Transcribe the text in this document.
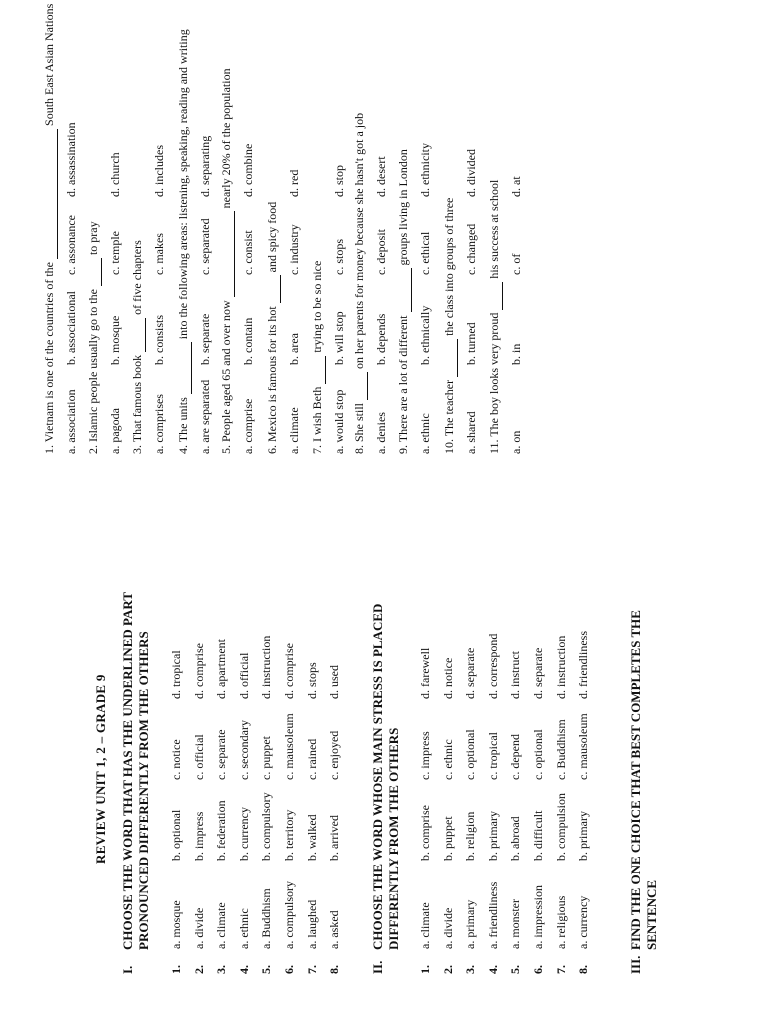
REVIEW UNIT 1, 2 – GRADE 9
I.
CHOOSE THE WORD THAT HAS THE UNDERLINED PART PRONOUNCED DIFFERENTLY FROM THE OTHERS
1.
a. mosque
b. optional
c. notice
d. tropical
2.
a. divide
b. impress
c. official
d. comprise
3.
a. climate
b. federation
c. separate
d. apartment
4.
a. ethnic
b. currency
c. secondary
d. official
5.
a. Buddhism
b. compulsory
c. puppet
d. instruction
6.
a. compulsory
b. territory
c. mausoleum
d. comprise
7.
a. laughed
b. walked
c. rained
d. stops
8.
a. asked
b. arrived
c. enjoyed
d. used
II.
CHOOSE THE WORD WHOSE MAIN STRESS IS PLACED DIFFERENTLY FROM THE OTHERS
1.
a. climate
b. comprise
c. impress
d. farewell
2.
a. divide
b. puppet
c. ethnic
d. notice
3.
a. primary
b. religion
c. optional
d. separate
4.
a. friendliness
b. primary
c. tropical
d. correspond
5.
a. monster
b. abroad
c. depend
d. instruct
6.
a. impression
b. difficult
c. optional
d. separate
7.
a. religious
b. compulsion
c. Buddhism
d. instruction
8.
a. currency
b. primary
c. mausoleum
d. friendliness
III.
FIND THE ONE CHOICE THAT BEST COMPLETES THE SENTENCE
1. Vietnam is one of the countries of the South East Asian Nations
a. association
b. associational
c. assonance
d. assassination
2. Islamic people usually go to the to pray
a. pagoda
b. mosque
c. temple
d. church
3. That famous book of five chapters
a. comprises
b. consists
c. makes
d. includes
4. The units into the following areas: listening, speaking, reading and writing
a. are separated
b. separate
c. separated
d. separating
5. People aged 65 and over now nearly 20% of the population
a. comprise
b. contain
c. consist
d. combine
6. Mexico is famous for its hot and spicy food
a. climate
b. area
c. industry
d. red
7. I wish Beth trying to be so nice
a. would stop
b. will stop
c. stops
d. stop
8. She still on her parents for money because she hasn't got a job
a. denies
b. depends
c. deposit
d. desert
9. There are a lot of different groups living in London
a. ethnic
b. ethnically
c. ethical
d. ethnicity
10. The teacher the class into groups of three
a. shared
b. turned
c. changed
d. divided
11. The boy looks very proud his success at school
a. on
b. in
c. of
d. at
